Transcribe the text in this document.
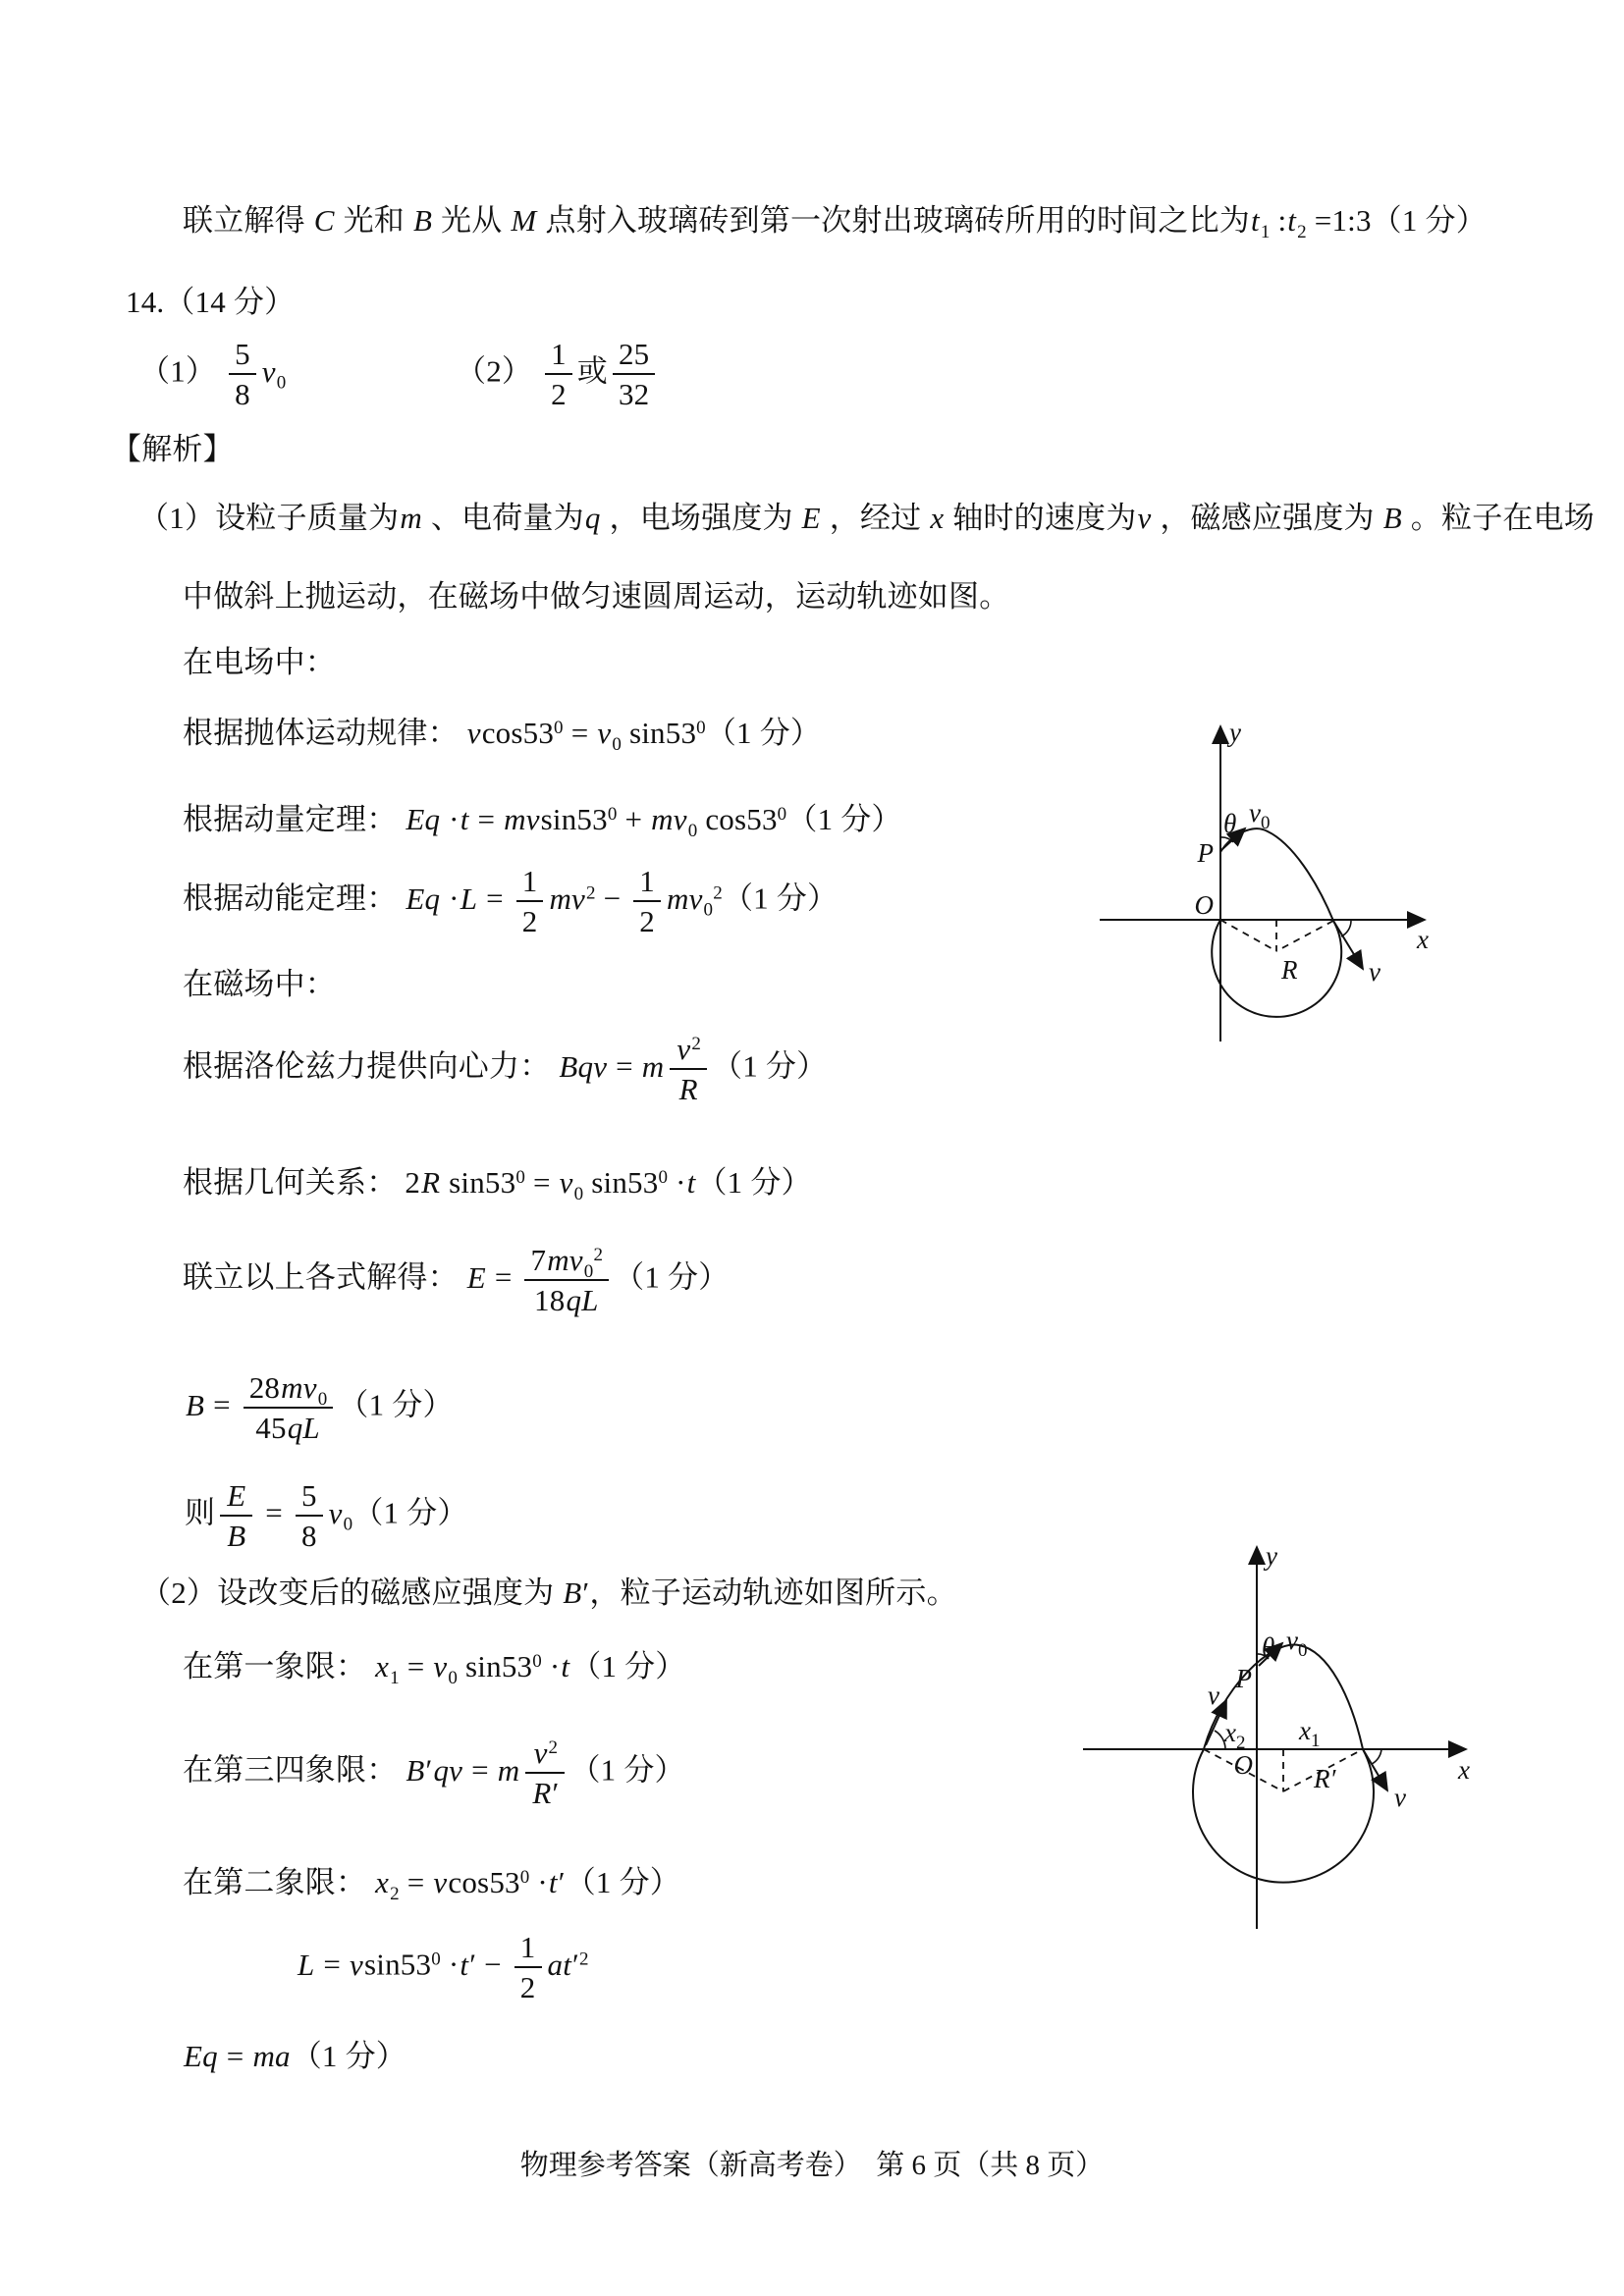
联立解得 C 光和 B 光从 M 点射入玻璃砖到第一次射出玻璃砖所用的时间之比为$t_1$ $:t_2$ =1:3（1 分）
14.（14 分）
$(1) \frac{5}{8} v_0$	$(2) \frac{1}{2}$ 或 $\frac{25}{32}$
【解析】
（1）设粒子质量为m 、电荷量为q ，电场强度为 E ，经过 x 轴时的速度为v ，磁感应强度为 B 。粒子在电场
中做斜上抛运动，在磁场中做匀速圆周运动，运动轨迹如图。
在电场中：
根据抛体运动规律： $vcos53^0 = v_0$ $\sin 53^0(1$ 分）
根据动量定理： $Eq \cdot t = mvsin53^0 + mv_0$ $\cos 53^0(1$ 分）
根据动能定理： $Eq \cdot L = \frac{1}{2} mv^2 - \frac{1}{2} mv_0^2(1$ 分）
在磁场中：
根据洛伦兹力提供向心力： Bqv = m $\frac{v^2}{R} (1$ 分）
根据几何关系： 2R $\sin 53^0 = v_0$ $\sin 53^0 \cdot t(1$ 分）
联立以上各式解得： $E = \frac{7mv_0^2}{18qL} (1$ 分）
$B = \frac{28mv_0}{45qL} (1$ 分）
则 $\frac{E}{B} = \frac{5}{8} v_0(1$ 分）
（2）设改变后的磁感应强度为 B′，粒子运动轨迹如图所示。
在第一象限： $x_1 = v_0$ $\sin 53^0 \cdot t(1$ 分）
在第三四象限： B′qv = m $\frac{v^2}{R'} (1$ 分）
在第二象限： $x_2 = vcos53^0 \cdot t'(1$ 分）
$L = vsin53^0 \cdot t' - \frac{1}{2} at'^2$
Eq = ma（1 分）
y
x
P
O
θ $v_0$
R	v
y
x
P
O
θ $v_0$
v
v
$x_2$ $x_1$
R′
物理参考答案（新高考卷）　第 6 页（共 8 页）
